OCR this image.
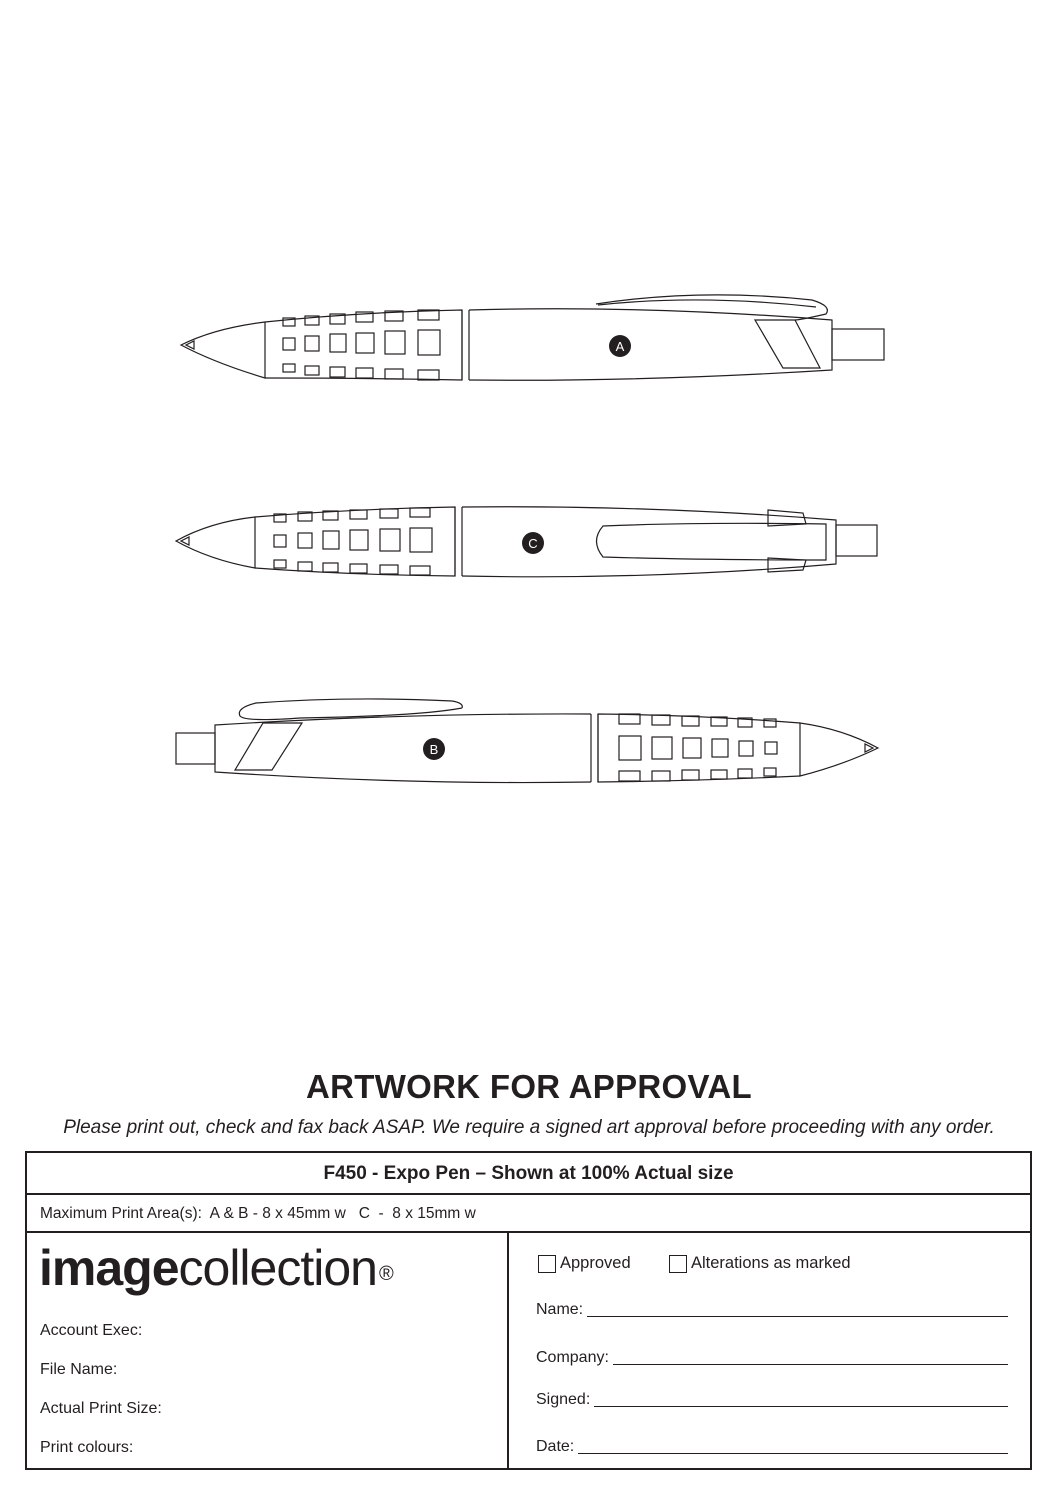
A
C
B
ARTWORK FOR APPROVAL
Please print out, check and fax back ASAP. We require a signed art approval before proceeding with any order.
F450 - Expo Pen – Shown at 100% Actual size
Maximum Print Area(s):  A & B - 8 x 45mm w   C  -  8 x 15mm w
imagecollection ®
Account Exec:
File Name:
Actual Print Size:
Print colours:
Approved	Alterations as marked
Name:
Company:
Signed:
Date:
